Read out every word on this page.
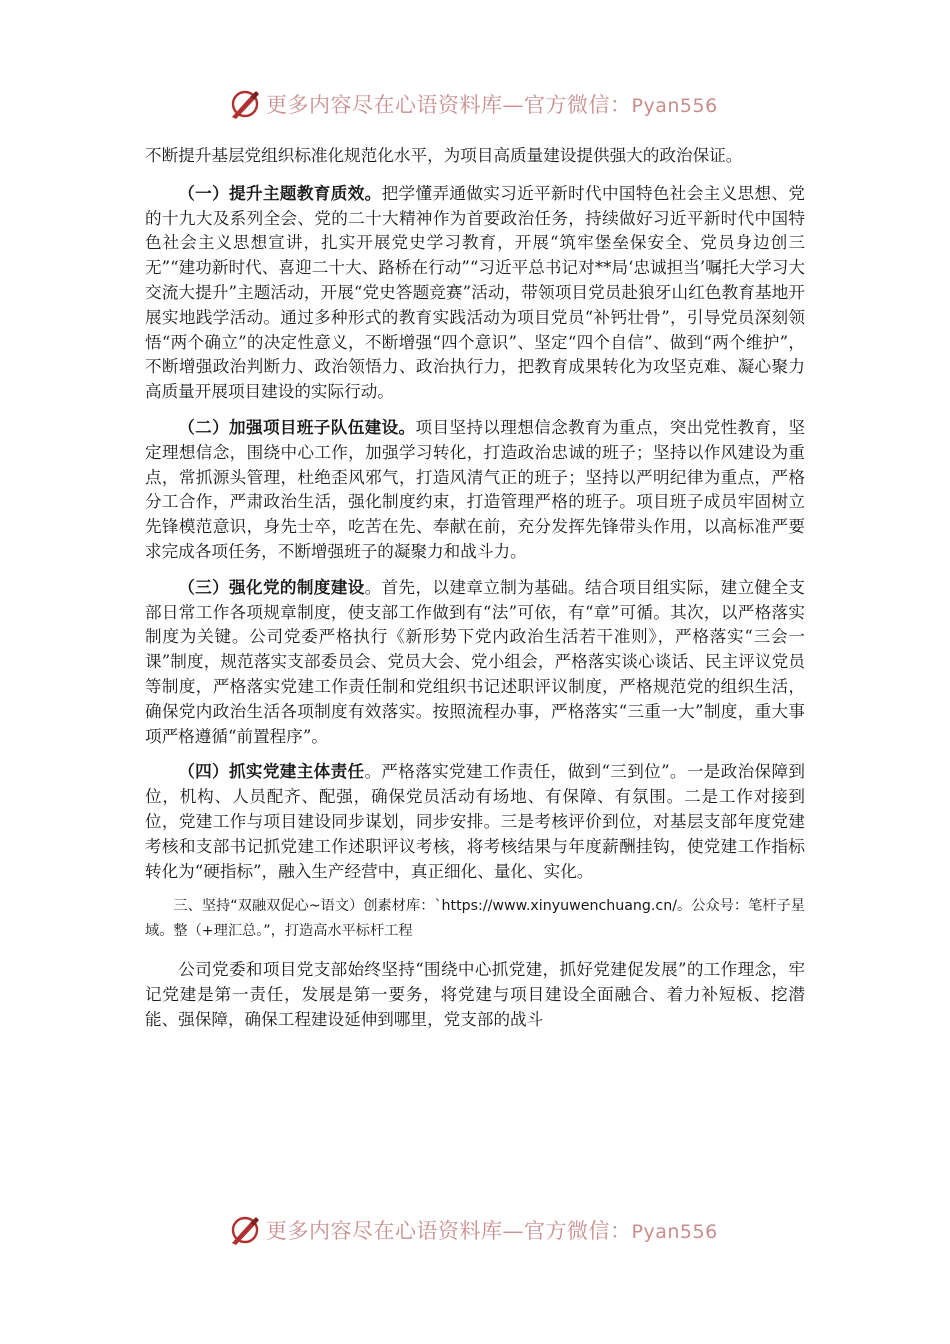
更多内容尽在心语资料库—官方微信：Pyan556

不断提升基层党组织标准化规范化水平，为项目高质量建设提供强大的政治保证。

（一）提升主题教育质效。把学懂弄通做实习近平新时代中国特色社会主义思想、党的十九大及系列全会、党的二十大精神作为首要政治任务，持续做好习近平新时代中国特色社会主义思想宣讲，扎实开展党史学习教育，开展“筑牢堡垒保安全、党员身边创三无”“建功新时代、喜迎二十大、路桥在行动”“习近平总书记对**局‘忠诚担当’嘱托大学习大交流大提升”主题活动，开展“党史答题竞赛”活动，带领项目党员赴狼牙山红色教育基地开展实地践学活动。通过多种形式的教育实践活动为项目党员“补钙壮骨”，引导党员深刻领悟“两个确立”的决定性意义，不断增强“四个意识”、坚定“四个自信”、做到“两个维护”，不断增强政治判断力、政治领悟力、政治执行力，把教育成果转化为攻坚克难、凝心聚力高质量开展项目建设的实际行动。

（二）加强项目班子队伍建设。项目坚持以理想信念教育为重点，突出党性教育，坚定理想信念，围绕中心工作，加强学习转化，打造政治忠诚的班子；坚持以作风建设为重点，常抓源头管理，杜绝歪风邪气，打造风清气正的班子；坚持以严明纪律为重点，严格分工合作，严肃政治生活，强化制度约束，打造管理严格的班子。项目班子成员牢固树立先锋模范意识，身先士卒，吃苦在先、奉献在前，充分发挥先锋带头作用，以高标准严要求完成各项任务，不断增强班子的凝聚力和战斗力。

（三）强化党的制度建设。首先，以建章立制为基础。结合项目组实际，建立健全支部日常工作各项规章制度，使支部工作做到有“法”可依，有“章”可循。其次，以严格落实制度为关键。公司党委严格执行《新形势下党内政治生活若干准则》，严格落实“三会一课”制度，规范落实支部委员会、党员大会、党小组会，严格落实谈心谈话、民主评议党员等制度，严格落实党建工作责任制和党组织书记述职评议制度，严格规范党的组织生活，确保党内政治生活各项制度有效落实。按照流程办事，严格落实“三重一大”制度，重大事项严格遵循“前置程序”。

（四）抓实党建主体责任。严格落实党建工作责任，做到“三到位”。一是政治保障到位，机构、人员配齐、配强，确保党员活动有场地、有保障、有氛围。二是工作对接到位，党建工作与项目建设同步谋划，同步安排。三是考核评价到位，对基层支部年度党建考核和支部书记抓党建工作述职评议考核，将考核结果与年度薪酬挂钩，使党建工作指标转化为“硬指标”，融入生产经营中，真正细化、量化、实化。

三、坚持“双融双促心~语文）创素材库：`https://www.xinyuwenchuang.cn/。公众号：笔杆子星域。整（+理汇总。”，打造高水平标杆工程

公司党委和项目党支部始终坚持“围绕中心抓党建，抓好党建促发展”的工作理念，牢记党建是第一责任，发展是第一要务，将党建与项目建设全面融合、着力补短板、挖潜能、强保障，确保工程建设延伸到哪里，党支部的战斗

更多内容尽在心语资料库—官方微信：Pyan556
